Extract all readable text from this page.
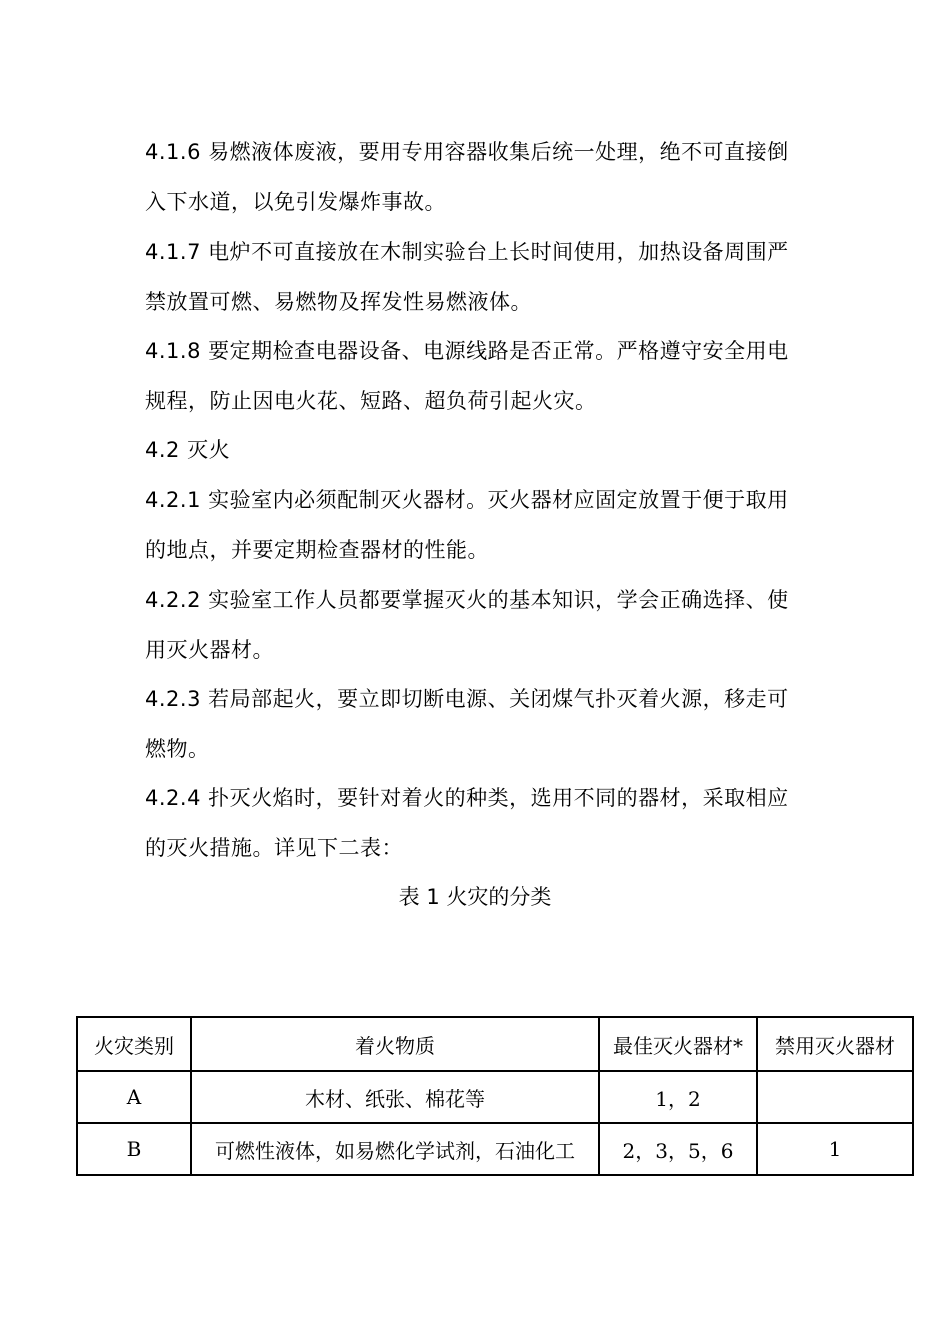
4.1.6 易燃液体废液，要用专用容器收集后统一处理，绝不可直接倒
入下水道，以免引发爆炸事故。

4.1.7 电炉不可直接放在木制实验台上长时间使用，加热设备周围严
禁放置可燃、易燃物及挥发性易燃液体。

4.1.8 要定期检查电器设备、电源线路是否正常。严格遵守安全用电
规程，防止因电火花、短路、超负荷引起火灾。

4.2 灭火

4.2.1 实验室内必须配制灭火器材。灭火器材应固定放置于便于取用
的地点，并要定期检查器材的性能。

4.2.2 实验室工作人员都要掌握灭火的基本知识，学会正确选择、使
用灭火器材。

4.2.3 若局部起火，要立即切断电源、关闭煤气扑灭着火源，移走可
燃物。

4.2.4 扑灭火焰时，要针对着火的种类，选用不同的器材，采取相应
的灭火措施。详见下二表：

表 1 火灾的分类
火灾类别	着火物质	最佳灭火器材*	禁用灭火器材
A	木材、纸张、棉花等	1，2	
B	可燃性液体，如易燃化学试剂，石油化工	2，3，5，6	1
